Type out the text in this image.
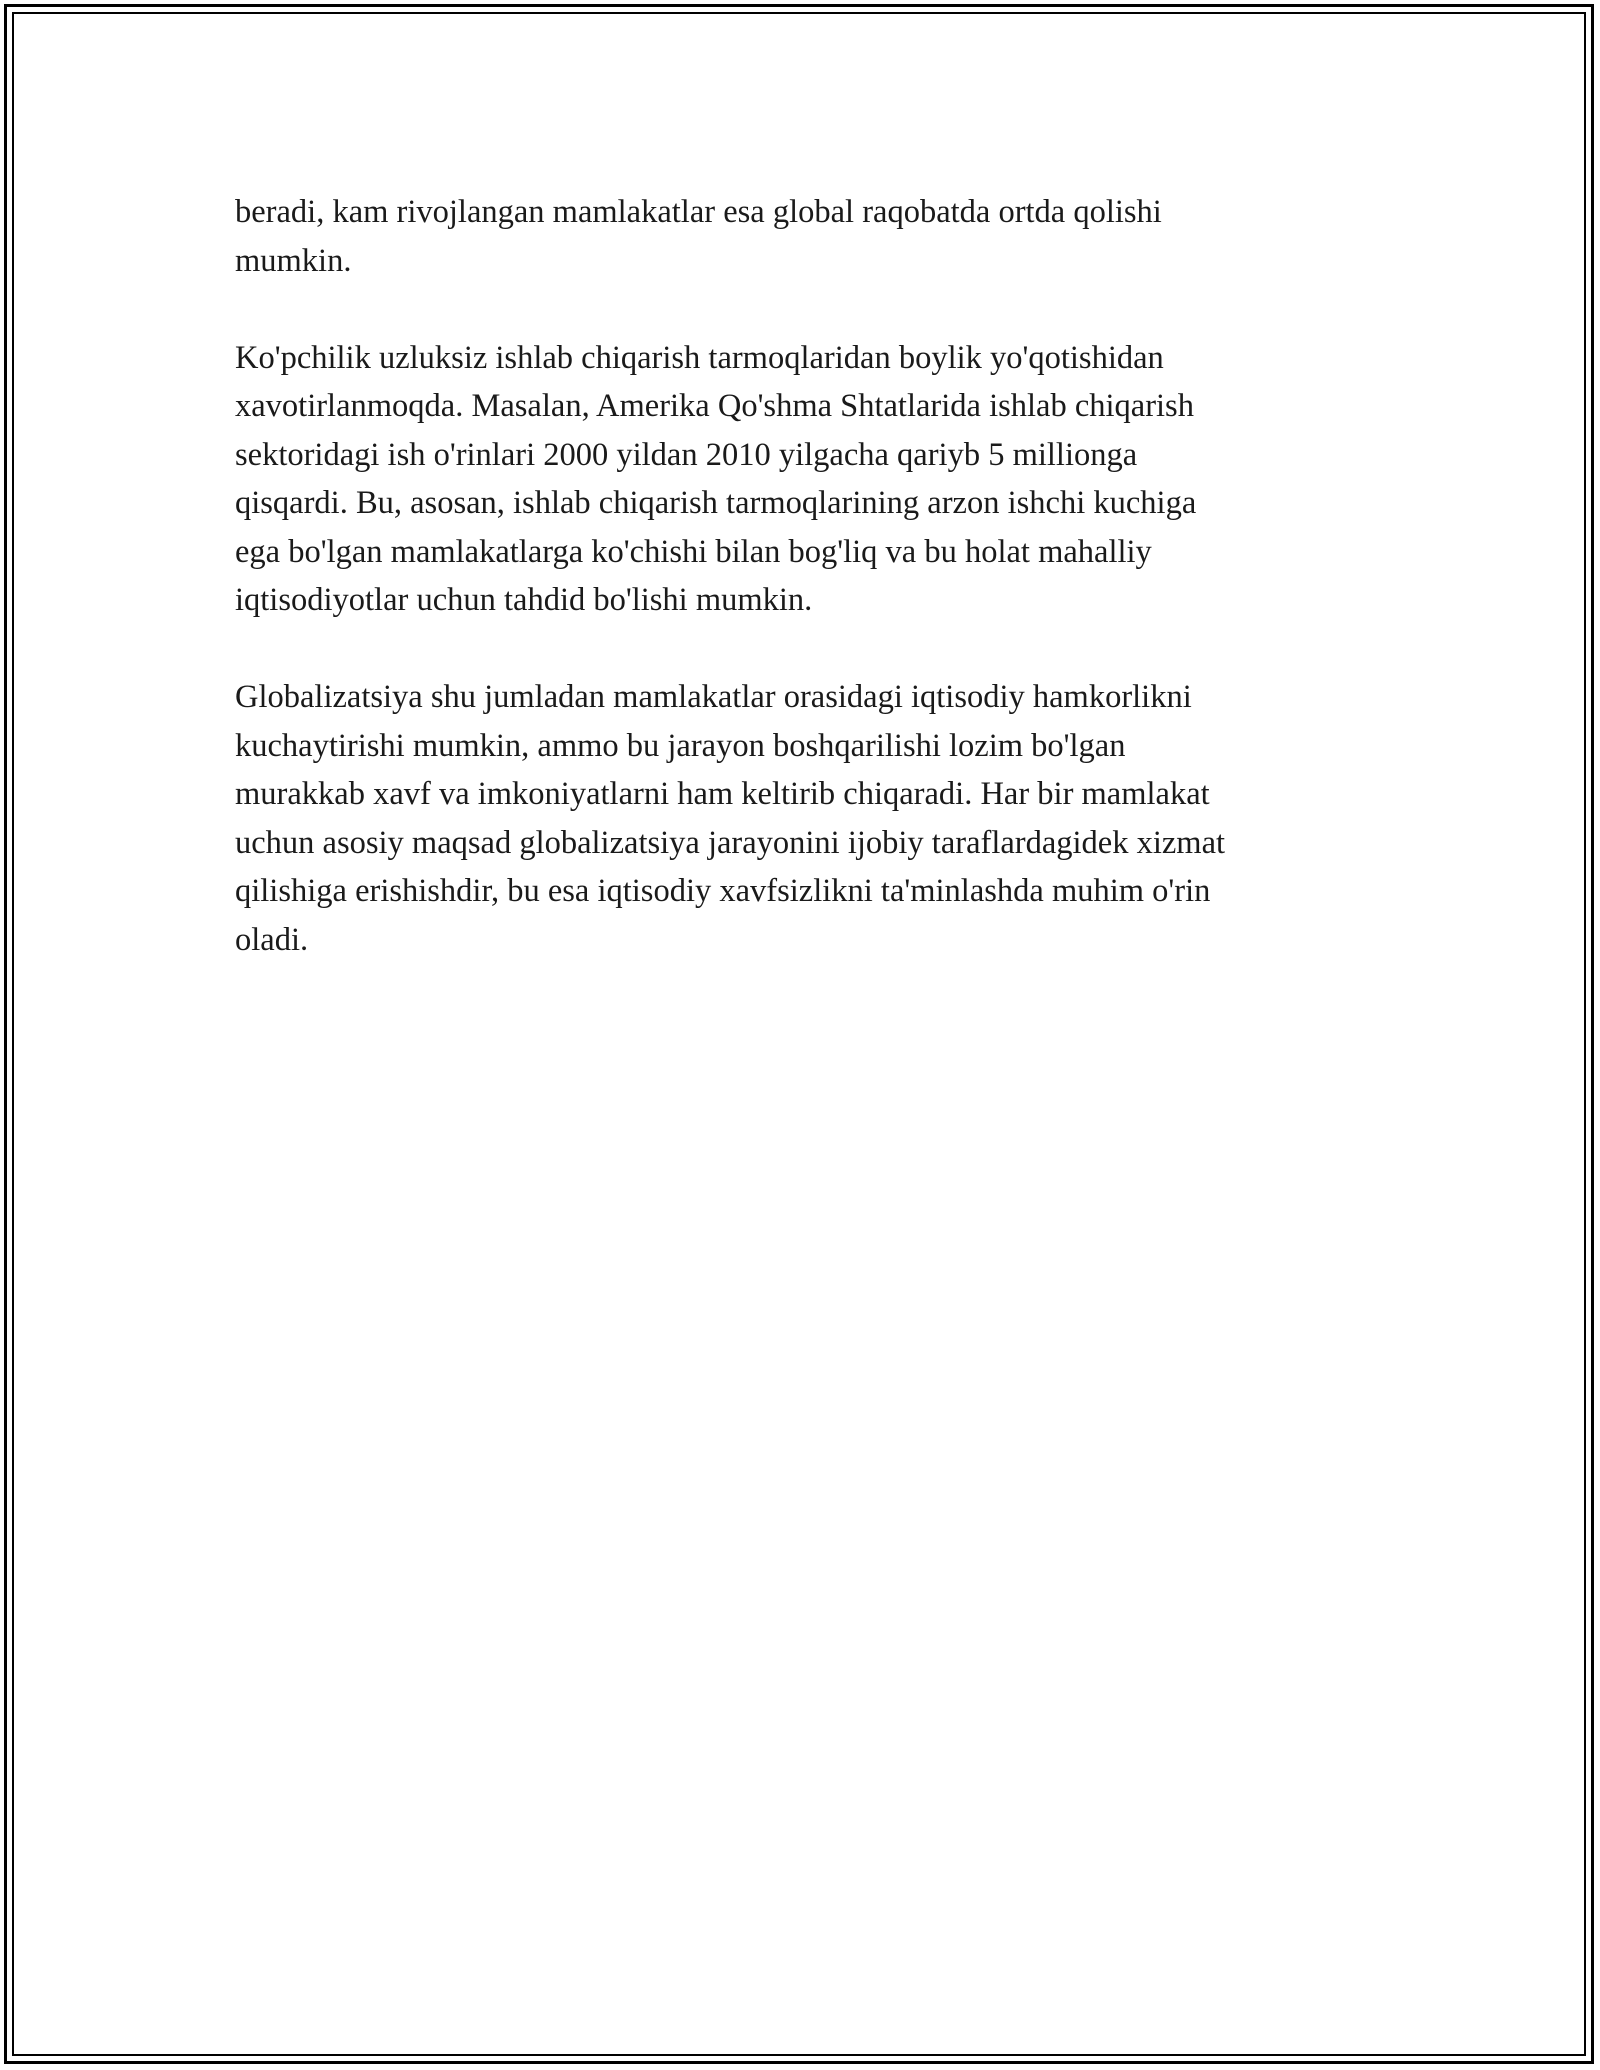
beradi, kam rivojlangan mamlakatlar esa global raqobatda ortda qolishi
mumkin.

Ko'pchilik uzluksiz ishlab chiqarish tarmoqlaridan boylik yo'qotishidan
xavotirlanmoqda. Masalan, Amerika Qo'shma Shtatlarida ishlab chiqarish
sektoridagi ish o'rinlari 2000 yildan 2010 yilgacha qariyb 5 millionga
qisqardi. Bu, asosan, ishlab chiqarish tarmoqlarining arzon ishchi kuchiga
ega bo'lgan mamlakatlarga ko'chishi bilan bog'liq va bu holat mahalliy
iqtisodiyotlar uchun tahdid bo'lishi mumkin.

Globalizatsiya shu jumladan mamlakatlar orasidagi iqtisodiy hamkorlikni
kuchaytirishi mumkin, ammo bu jarayon boshqarilishi lozim bo'lgan
murakkab xavf va imkoniyatlarni ham keltirib chiqaradi. Har bir mamlakat
uchun asosiy maqsad globalizatsiya jarayonini ijobiy taraflardagidek xizmat
qilishiga erishishdir, bu esa iqtisodiy xavfsizlikni ta'minlashda muhim o'rin
oladi.
